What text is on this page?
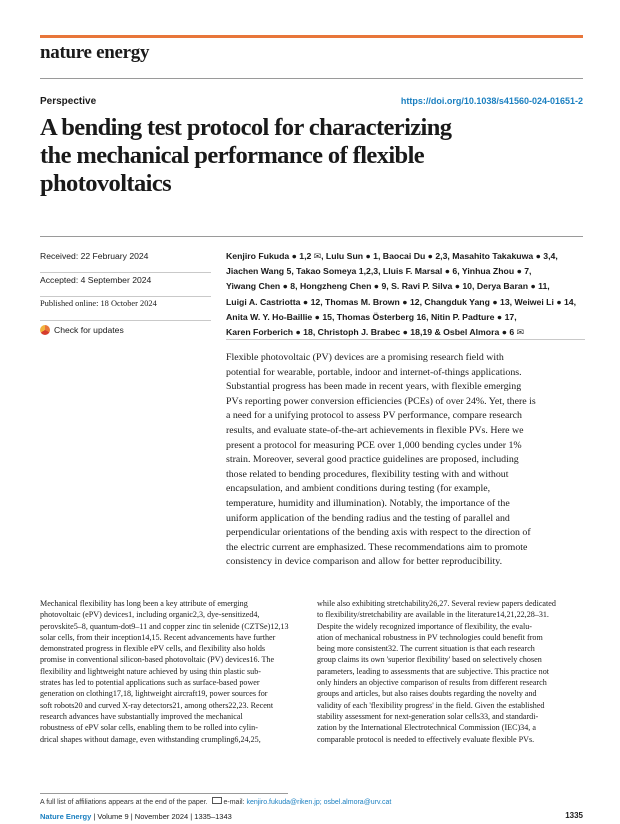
nature energy
Perspective	https://doi.org/10.1038/s41560-024-01651-2
A bending test protocol for characterizing
the mechanical performance of flexible
photovoltaics
Received: 22 February 2024
Accepted: 4 September 2024
Published online: 18 October 2024
Check for updates
Kenjiro Fukuda ● 1,2 ✉, Lulu Sun ● 1, Baocai Du ● 2,3, Masahito Takakuwa ● 3,4,
Jiachen Wang 5, Takao Someya 1,2,3, Lluis F. Marsal ● 6, Yinhua Zhou ● 7,
Yiwang Chen ● 8, Hongzheng Chen ● 9, S. Ravi P. Silva ● 10, Derya Baran ● 11,
Luigi A. Castriotta ● 12, Thomas M. Brown ● 12, Changduk Yang ● 13, Weiwei Li ● 14,
Anita W. Y. Ho-Baillie ● 15, Thomas Österberg 16, Nitin P. Padture ● 17,
Karen Forberich ● 18, Christoph J. Brabec ● 18,19 & Osbel Almora ● 6 ✉

Flexible photovoltaic (PV) devices are a promising research field with
potential for wearable, portable, indoor and internet-of-things applications.
Substantial progress has been made in recent years, with flexible emerging
PVs reporting power conversion efficiencies (PCEs) of over 24%. Yet, there is
a need for a unifying protocol to assess PV performance, compare research
results, and evaluate state-of-the-art achievements in flexible PVs. Here we
present a protocol for measuring PCE over 1,000 bending cycles under 1%
strain. Moreover, several good practice guidelines are proposed, including
those related to bending procedures, flexibility testing with and without
encapsulation, and ambient conditions during testing (for example,
temperature, humidity and illumination). Notably, the importance of the
uniform application of the bending radius and the testing of parallel and
perpendicular orientations of the bending axis with respect to the direction of
the electric current are emphasized. These recommendations aim to promote
consistency in device comparison and allow for better reproducibility.

Mechanical flexibility has long been a key attribute of emerging
photovoltaic (ePV) devices1, including organic2,3, dye-sensitized4,
perovskite5–8, quantum-dot9–11 and copper zinc tin selenide (CZTSe)12,13
solar cells, from their inception14,15. Recent advancements have further
demonstrated progress in flexible ePV cells, and flexibility also holds
promise in conventional silicon-based photovoltaic (PV) devices16. The
flexibility and lightweight nature achieved by using thin plastic sub-
strates has led to potential applications such as surface-based power
generation on clothing17,18, lightweight aircraft19, power sources for
soft robots20 and curved X-ray detectors21, among others22,23. Recent
research advances have substantially improved the mechanical
robustness of ePV solar cells, enabling them to be rolled into cylin-
drical shapes without damage, even withstanding crumpling6,24,25,

while also exhibiting stretchability26,27. Several review papers dedicated
to flexibility/stretchability are available in the literature14,21,22,28–31.
Despite the widely recognized importance of flexibility, the evalu-
ation of mechanical robustness in PV technologies could benefit from
being more consistent32. The current situation is that each research
group claims its own 'superior flexibility' based on selectively chosen
parameters, leading to assessments that are subjective. This practice not
only hinders an objective comparison of results from different research
groups and articles, but also raises doubts regarding the novelty and
validity of each 'flexibility progress' in the field. Given the established
stability assessment for next-generation solar cells33, and standardi-
zation by the International Electrotechnical Commission (IEC)34, a
comparable protocol is needed to effectively evaluate flexible PVs.

A full list of affiliations appears at the end of the paper. e-mail: kenjiro.fukuda@riken.jp; osbel.almora@urv.cat
Nature Energy | Volume 9 | November 2024 | 1335–1343	1335
